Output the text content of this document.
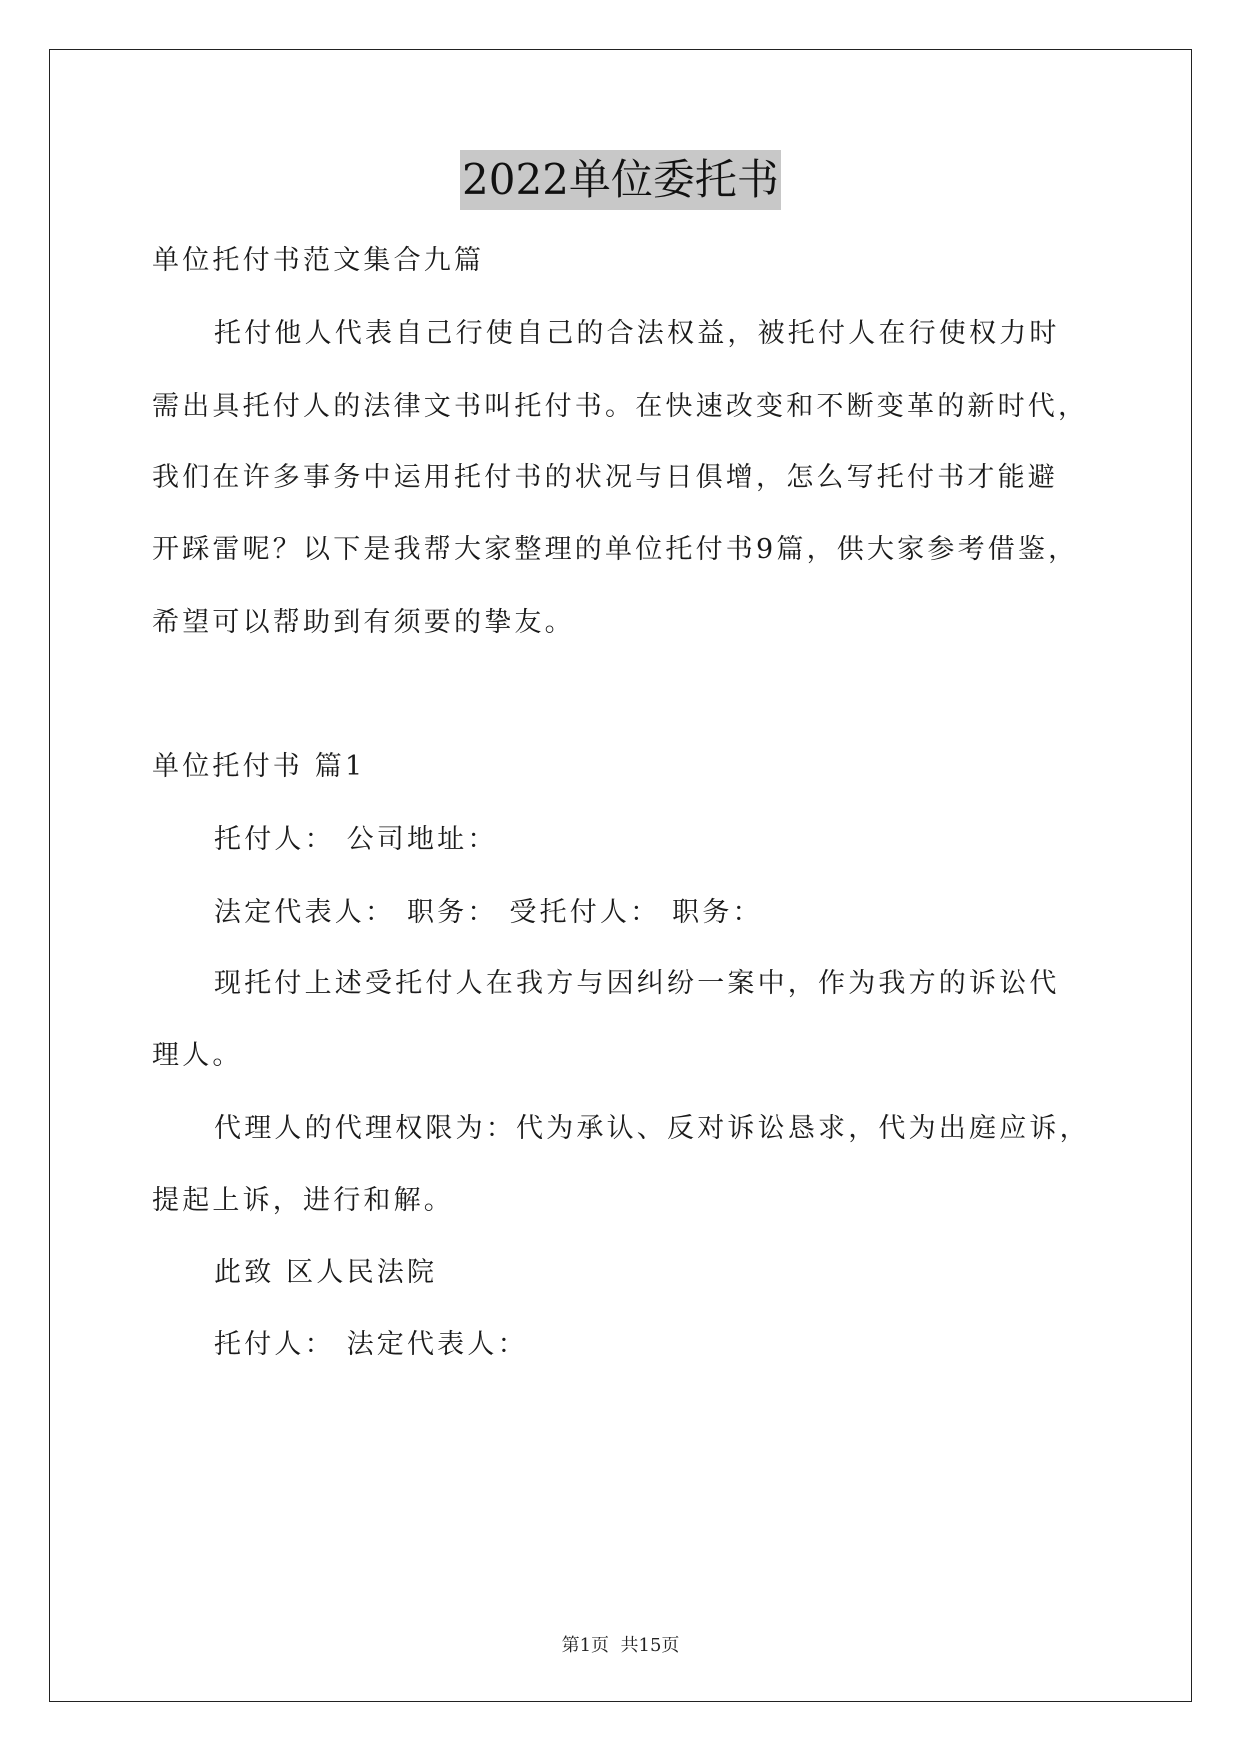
2022单位委托书
单位托付书范文集合九篇
托付他人代表自己行使自己的合法权益，被托付人在行使权力时
需出具托付人的法律文书叫托付书。在快速改变和不断变革的新时代，
我们在许多事务中运用托付书的状况与日俱增，怎么写托付书才能避
开踩雷呢？以下是我帮大家整理的单位托付书9篇，供大家参考借鉴，
希望可以帮助到有须要的挚友。
单位托付书 篇1
托付人： 公司地址：
法定代表人： 职务： 受托付人： 职务：
现托付上述受托付人在我方与因纠纷一案中，作为我方的诉讼代
理人。
代理人的代理权限为：代为承认、反对诉讼恳求，代为出庭应诉，
提起上诉，进行和解。
此致 区人民法院
托付人： 法定代表人：
第1页  共15页
